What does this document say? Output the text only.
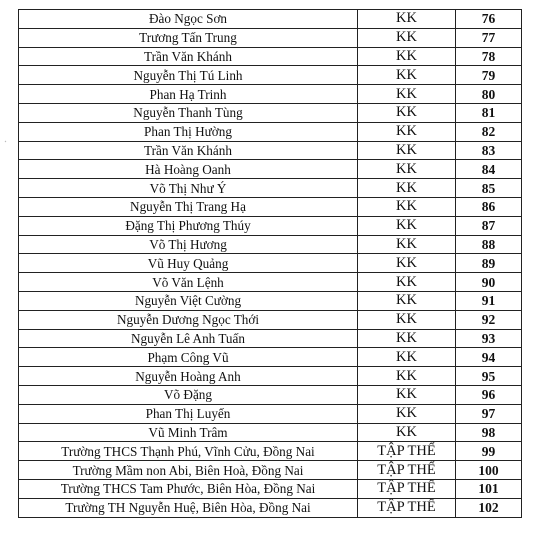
Đào Ngọc Sơn	KK	76
Trương Tấn Trung	KK	77
Trần Văn Khánh	KK	78
Nguyễn Thị Tú Linh	KK	79
Phan Hạ Trinh	KK	80
Nguyễn Thanh Tùng	KK	81
Phan Thị Hường	KK	82
Trần Văn Khánh	KK	83
Hà Hoàng Oanh	KK	84
Võ Thị Như Ý	KK	85
Nguyễn Thị Trang Hạ	KK	86
Đặng Thị Phương Thúy	KK	87
Võ Thị Hương	KK	88
Vũ Huy Quảng	KK	89
Võ Văn Lệnh	KK	90
Nguyễn Việt Cường	KK	91
Nguyễn Dương Ngọc Thới	KK	92
Nguyễn Lê Anh Tuấn	KK	93
Phạm Công Vũ	KK	94
Nguyễn Hoàng Anh	KK	95
Võ Đặng	KK	96
Phan Thị Luyến	KK	97
Vũ Minh Trâm	KK	98
Trường THCS Thạnh Phú, Vĩnh Cửu, Đồng Nai	TẬP THỂ	99
Trường Mầm non Abi, Biên Hoà, Đồng Nai	TẬP THỂ	100
Trường THCS Tam Phước, Biên Hòa, Đồng Nai	TẬP THỂ	101
Trường TH Nguyễn Huệ, Biên Hòa, Đồng Nai	TẬP THỂ	102
